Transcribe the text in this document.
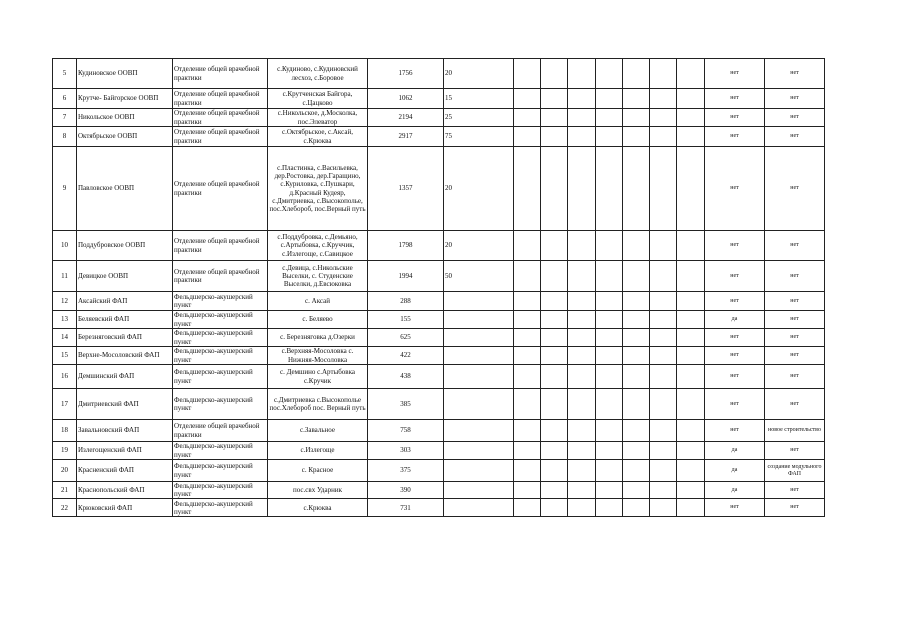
5	Кудиновское ООВП	Отделение общей врачебной практики	с.Кудиново, с.Кудиновский лесхоз, с.Боровое	1756	20								нет	нет
6	Крутче- Байгорское ООВП	Отделение общей врачебной практики	с.Крутченская Байгора, с.Цацково	1062	15								нет	нет
7	Никольское ООВП	Отделение общей врачебной практики	с.Никольское, д.Москолка, пос.Элеватор	2194	25								нет	нет
8	Октябрьское ООВП	Отделение общей врачебной практики	с.Октябрьское, с.Аксай, с.Крюква	2917	75								нет	нет
9	Павловское ООВП	Отделение общей врачебной практики	с.Пластинка, с.Васильевка, дер.Ростовка, дер.Гаращино, с.Куриловка, с.Пушкари, д.Красный Кудеяр, с.Дмитриевка, с.Высокополье, пос.Хлебороб, пос.Верный путь	1357	20								нет	нет
10	Поддубровское ООВП	Отделение общей врачебной практики	с.Поддубровка, с.Демьяно, с.Артыбовка, с.Круччик, с.Излегоще, с.Савицкое	1798	20								нет	нет
11	Девицкое ООВП	Отделение общей врачебной практики	с.Девица, с.Никольские Выселки, с. Студенские Выселки, д.Евсюковка	1994	50								нет	нет
12	Аксайский ФАП	Фельдшерско-акушерский пункт	с. Аксай	288									нет	нет
13	Беляевский ФАП	Фельдшерско-акушерский пункт	с. Беляево	155									да	нет
14	Березняговский ФАП	Фельдшерско-акушерский пункт	с. Березняговка д.Озерки	625									нет	нет
15	Верхне-Мосоловский ФАП	Фельдшерско-акушерский пункт	с.Верхняя-Мосоловка с. Нижняя-Мосоловка	422									нет	нет
16	Демшинский ФАП	Фельдшерско-акушерский пункт	с. Демшино с.Артыбовка с.Кручик	438									нет	нет
17	Дмитриевский ФАП	Фельдшерско-акушерский пункт	с.Дмитриевка с.Высокополье пос.Хлебороб пос. Верный путь	385									нет	нет
18	Завальновский ФАП	Отделение общей врачебной практики	с.Завальное	758									нет	новое строительство
19	Излегощенский ФАП	Фельдшерско-акушерский пункт	с.Излегоще	303									да	нет
20	Красненский ФАП	Фельдшерско-акушерский пункт	с. Красное	375									да	создание модульного ФАП
21	Краснопольский ФАП	Фельдшерско-акушерский пункт	пос.свх Ударник	390									да	нет
22	Крюковский ФАП	Фельдшерско-акушерский пункт	с.Крюква	731									нет	нет
